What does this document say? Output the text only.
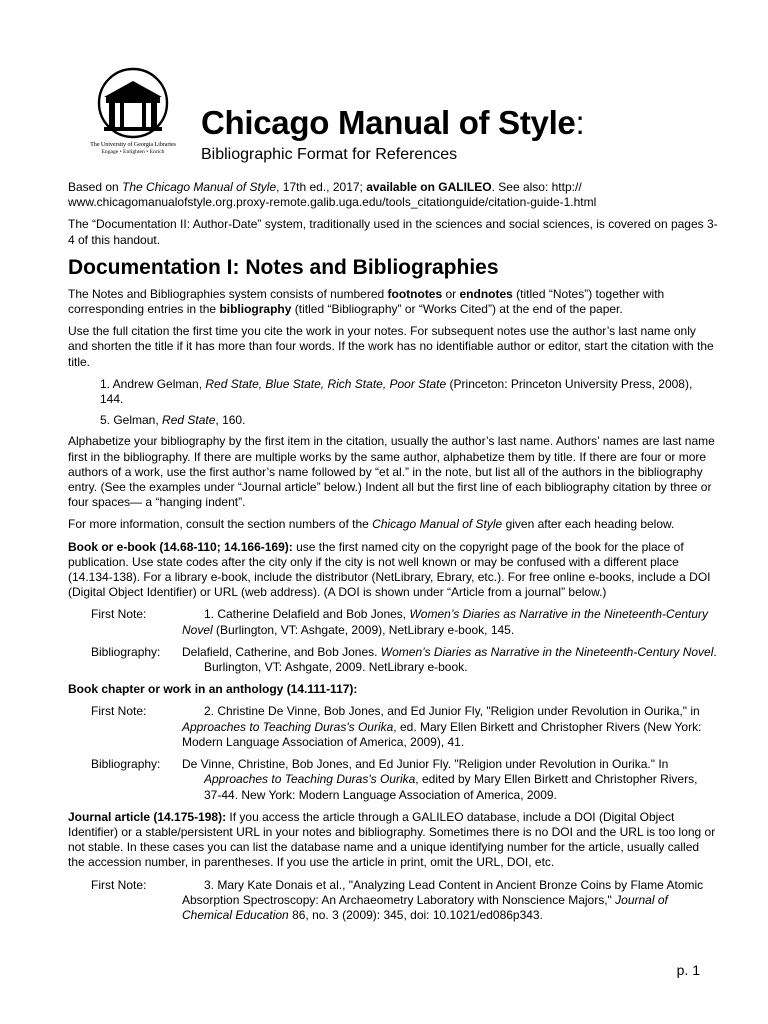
The University of Georgia Libraries
Engage • Enlighten • Enrich
Chicago Manual of Style:
Bibliographic Format for References

Based on The Chicago Manual of Style, 17th ed., 2017; available on GALILEO. See also: http://
www.chicagomanualofstyle.org.proxy-remote.galib.uga.edu/tools_citationguide/citation-guide-1.html

The “Documentation II: Author-Date” system, traditionally used in the sciences and social sciences, is covered on pages 3-4 of this handout.

Documentation I: Notes and Bibliographies

The Notes and Bibliographies system consists of numbered footnotes or endnotes (titled “Notes”) together with corresponding entries in the bibliography (titled “Bibliography” or “Works Cited”) at the end of the paper.

Use the full citation the first time you cite the work in your notes. For subsequent notes use the author’s last name only and shorten the title if it has more than four words. If the work has no identifiable author or editor, start the citation with the title.

1. Andrew Gelman, Red State, Blue State, Rich State, Poor State (Princeton: Princeton University Press, 2008), 144.
5. Gelman, Red State, 160.

Alphabetize your bibliography by the first item in the citation, usually the author’s last name. Authors’ names are last name first in the bibliography. If there are multiple works by the same author, alphabetize them by title. If there are four or more authors of a work, use the first author’s name followed by “et al.” in the note, but list all of the authors in the bibliography entry. (See the examples under “Journal article” below.) Indent all but the first line of each bibliography citation by three or four spaces— a “hanging indent”.

For more information, consult the section numbers of the Chicago Manual of Style given after each heading below.

Book or e-book (14.68-110; 14.166-169): use the first named city on the copyright page of the book for the place of publication. Use state codes after the city only if the city is not well known or may be confused with a different place (14.134-138). For a library e-book, include the distributor (NetLibrary, Ebrary, etc.). For free online e-books, include a DOI (Digital Object Identifier) or URL (web address). (A DOI is shown under “Article from a journal” below.)

First Note:	1. Catherine Delafield and Bob Jones, Women’s Diaries as Narrative in the Nineteenth-Century Novel (Burlington, VT: Ashgate, 2009), NetLibrary e-book, 145.
Bibliography:	Delafield, Catherine, and Bob Jones. Women’s Diaries as Narrative in the Nineteenth-Century Novel. Burlington, VT: Ashgate, 2009. NetLibrary e-book.

Book chapter or work in an anthology (14.111-117):

First Note:	2. Christine De Vinne, Bob Jones, and Ed Junior Fly, "Religion under Revolution in Ourika," in Approaches to Teaching Duras's Ourika, ed. Mary Ellen Birkett and Christopher Rivers (New York: Modern Language Association of America, 2009), 41.
Bibliography:	De Vinne, Christine, Bob Jones, and Ed Junior Fly. "Religion under Revolution in Ourika." In Approaches to Teaching Duras's Ourika, edited by Mary Ellen Birkett and Christopher Rivers, 37-44. New York: Modern Language Association of America, 2009.

Journal article (14.175-198): If you access the article through a GALILEO database, include a DOI (Digital Object Identifier) or a stable/persistent URL in your notes and bibliography. Sometimes there is no DOI and the URL is too long or not stable. In these cases you can list the database name and a unique identifying number for the article, usually called the accession number, in parentheses. If you use the article in print, omit the URL, DOI, etc.

First Note:	3. Mary Kate Donais et al., "Analyzing Lead Content in Ancient Bronze Coins by Flame Atomic Absorption Spectroscopy: An Archaeometry Laboratory with Nonscience Majors," Journal of Chemical Education 86, no. 3 (2009): 345, doi: 10.1021/ed086p343.
p. 1
